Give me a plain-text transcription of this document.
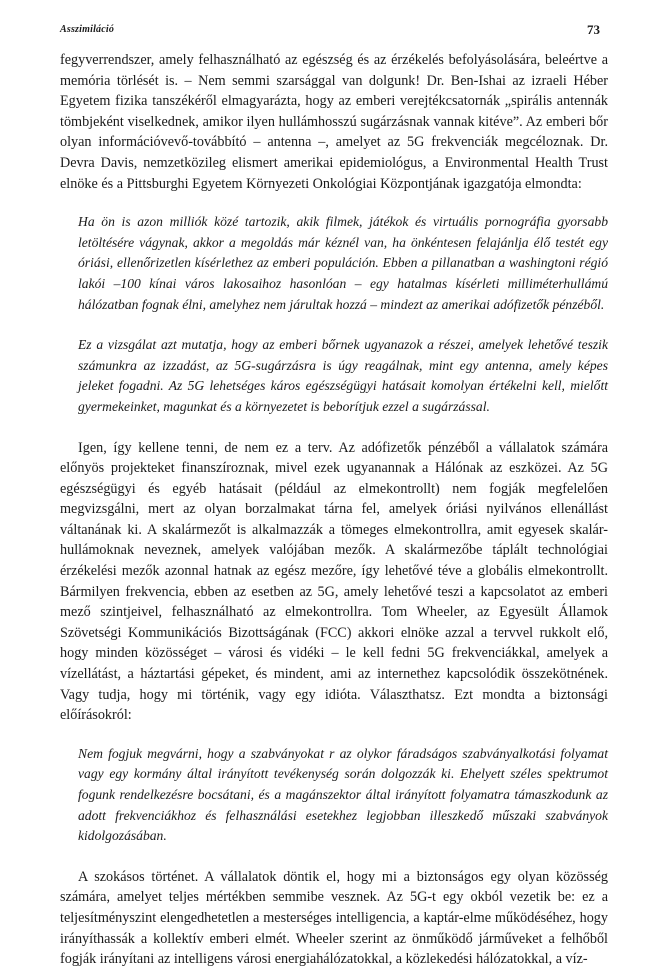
Asszimiláció	73

fegyverrendszer, amely felhasználható az egészség és az érzékelés befolyásolására, beleértve a memória törlését is. – Nem semmi szarsággal van dolgunk! Dr. Ben-Ishai az izraeli Héber Egyetem fizika tanszékéről elmagyarázta, hogy az emberi verejtékcsatornák „spirális antennák tömbjeként viselkednek, amikor ilyen hullámhosszú sugárzásnak vannak kitéve”. Az emberi bőr olyan információvevő-továbbító – antenna –, amelyet az 5G frekvenciák megcéloznak. Dr. Devra Davis, nemzetközileg elismert amerikai epidemiológus, a Environmental Health Trust elnöke és a Pittsburghi Egyetem Környezeti Onkológiai Központjának igazgatója elmondta:

Ha ön is azon milliók közé tartozik, akik filmek, játékok és virtuális pornográfia gyorsabb letöltésére vágynak, akkor a megoldás már kéznél van, ha önkéntesen felajánlja élő testét egy óriási, ellenőrizetlen kísérlethez az emberi populáción. Ebben a pillanatban a washingtoni régió lakói –100 kínai város lakosaihoz hasonlóan – egy hatalmas kísérleti milliméterhullámú hálózatban fognak élni, amelyhez nem járultak hozzá – mindezt az amerikai adófizetők pénzéből.

Ez a vizsgálat azt mutatja, hogy az emberi bőrnek ugyanazok a részei, amelyek lehetővé teszik számunkra az izzadást, az 5G-sugárzásra is úgy reagálnak, mint egy antenna, amely képes jeleket fogadni. Az 5G lehetséges káros egészségügyi hatásait komolyan értékelni kell, mielőtt gyermekeinket, magunkat és a környezetet is beborítjuk ezzel a sugárzással.

Igen, így kellene tenni, de nem ez a terv. Az adófizetők pénzéből a vállalatok számára előnyös projekteket finanszíroznak, mivel ezek ugyanannak a Hálónak az eszközei. Az 5G egészségügyi és egyéb hatásait (például az elmekontrollt) nem fogják megfelelően megvizsgálni, mert az olyan borzalmakat tárna fel, amelyek óriási nyilvános ellenállást váltanának ki. A skalármezőt is alkalmazzák a tömeges elmekontrollra, amit egyesek skalár-hullámoknak neveznek, amelyek valójában mezők. A skalármezőbe táplált technológiai érzékelési mezők azonnal hatnak az egész mezőre, így lehetővé téve a globális elmekontrollt. Bármilyen frekvencia, ebben az esetben az 5G, amely lehetővé teszi a kapcsolatot az emberi mező szintjeivel, felhasználható az elmekontrollra. Tom Wheeler, az Egyesült Államok Szövetségi Kommunikációs Bizottságának (FCC) akkori elnöke azzal a tervvel rukkolt elő, hogy minden közösséget – városi és vidéki – le kell fedni 5G frekvenciákkal, amelyek a vízellátást, a háztartási gépeket, és mindent, ami az internethez kapcsolódik összekötnének. Vagy tudja, hogy mi történik, vagy egy idióta. Választhatsz. Ezt mondta a biztonsági előírásokról:

Nem fogjuk megvárni, hogy a szabványokat r az olykor fáradságos szabványalkotási folyamat vagy egy kormány által irányított tevékenység során dolgozzák ki. Ehelyett széles spektrumot fogunk rendelkezésre bocsátani, és a magánszektor által irányított folyamatra támaszkodunk az adott frekvenciákhoz és felhasználási esetekhez legjobban illeszkedő műszaki szabványok kidolgozásában.

A szokásos történet. A vállalatok döntik el, hogy mi a biztonságos egy olyan közösség számára, amelyet teljes mértékben semmibe vesznek. Az 5G-t egy okból vezetik be: ez a teljesítményszint elengedhetetlen a mesterséges intelligencia, a kaptár-elme működéséhez, hogy irányíthassák a kollektív emberi elmét. Wheeler szerint az önműködő járműveket a felhőből fogják irányítani az intelligens városi energiahálózatokkal, a közlekedési hálózatokkal, a víz-
